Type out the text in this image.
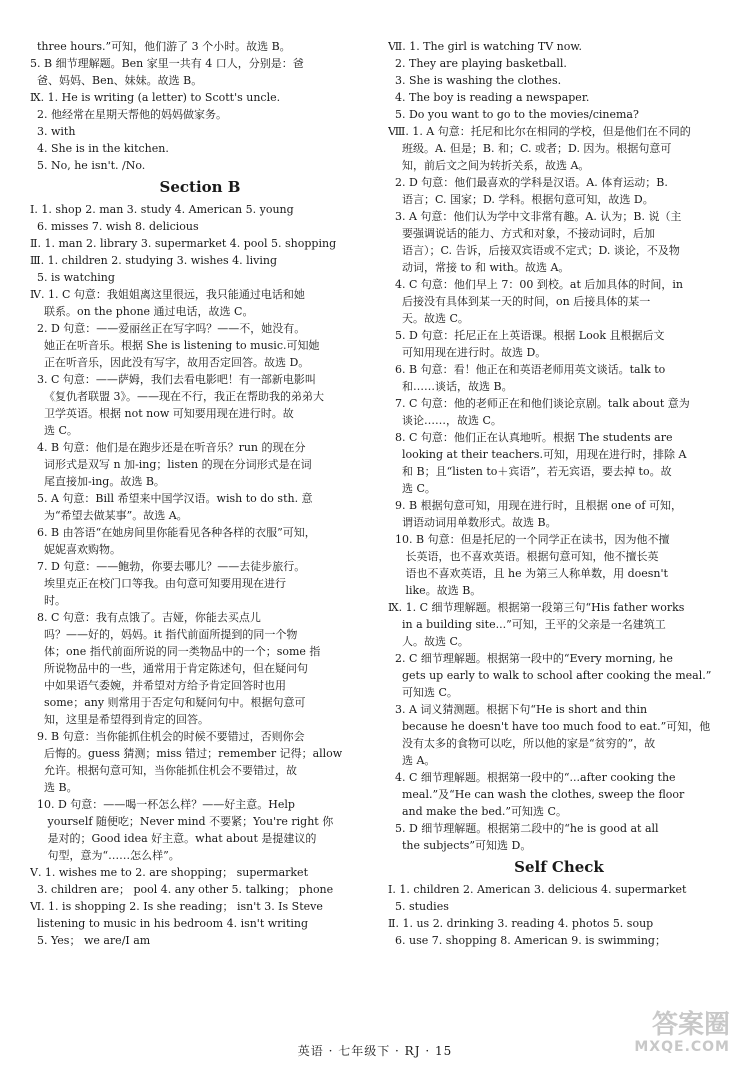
three hours.”可知，他们游了 3 个小时。故选 B。
5. B 细节理解题。Ben 家里一共有 4 口人，分别是：爸
爸、妈妈、Ben、妹妹。故选 B。
Ⅸ. 1. He is writing (a letter) to Scott's uncle.
2. 他经常在星期天帮他的妈妈做家务。
3. with
4. She is in the kitchen.
5. No, he isn't. /No.
Section B
Ⅰ. 1. shop 2. man 3. study 4. American 5. young
6. misses 7. wish 8. delicious
Ⅱ. 1. man 2. library 3. supermarket 4. pool 5. shopping
Ⅲ. 1. children 2. studying 3. wishes 4. living
5. is watching
Ⅳ. 1. C 句意：我姐姐离这里很远，我只能通过电话和她
联系。on the phone 通过电话，故选 C。
2. D 句意：——爱丽丝正在写字吗？——不，她没有。
她正在听音乐。根据 She is listening to music.可知她
正在听音乐，因此没有写字，故用否定回答。故选 D。
3. C 句意：——萨姆，我们去看电影吧！有一部新电影叫
《复仇者联盟 3》。——现在不行，我正在帮助我的弟弟大
卫学英语。根据 not now 可知要用现在进行时。故
选 C。
4. B 句意：他们是在跑步还是在听音乐？run 的现在分
词形式是双写 n 加-ing；listen 的现在分词形式是在词
尾直接加-ing。故选 B。
5. A 句意：Bill 希望来中国学汉语。wish to do sth. 意
为“希望去做某事”。故选 A。
6. B 由答语“在她房间里你能看见各种各样的衣服”可知，
妮妮喜欢购物。
7. D 句意：——鲍勃，你要去哪儿？——去徒步旅行。
埃里克正在校门口等我。由句意可知要用现在进行
时。
8. C 句意：我有点饿了。吉娅，你能去买点儿
吗？——好的，妈妈。it 指代前面所提到的同一个物
体；one 指代前面所说的同一类物品中的一个；some 指
所说物品中的一些，通常用于肯定陈述句，但在疑问句
中如果语气委婉，并希望对方给予肯定回答时也用
some；any 则常用于否定句和疑问句中。根据句意可
知，这里是希望得到肯定的回答。
9. B 句意：当你能抓住机会的时候不要错过，否则你会
后悔的。guess 猜测；miss 错过；remember 记得；allow
允许。根据句意可知，当你能抓住机会不要错过，故
选 B。
10. D 句意：——喝一杯怎么样？——好主意。Help
yourself 随便吃；Never mind 不要紧；You're right 你
是对的；Good idea 好主意。what about 是提建议的
句型，意为“……怎么样”。
Ⅴ. 1. wishes me to 2. are shopping； supermarket
3. children are； pool 4. any other 5. talking； phone
Ⅵ. 1. is shopping 2. Is she reading； isn't 3. Is Steve
listening to music in his bedroom 4. isn't writing
5. Yes； we are/I am
Ⅶ. 1. The girl is watching TV now.
2. They are playing basketball.
3. She is washing the clothes.
4. The boy is reading a newspaper.
5. Do you want to go to the movies/cinema?
Ⅷ. 1. A 句意：托尼和比尔在相同的学校，但是他们在不同的
班级。A. 但是；B. 和；C. 或者；D. 因为。根据句意可
知，前后文之间为转折关系，故选 A。
2. D 句意：他们最喜欢的学科是汉语。A. 体育运动；B.
语言；C. 国家；D. 学科。根据句意可知，故选 D。
3. A 句意：他们认为学中文非常有趣。A. 认为；B. 说（主
要强调说话的能力、方式和对象，不接动词时，后加
语言）；C. 告诉，后接双宾语或不定式；D. 谈论，不及物
动词，常接 to 和 with。故选 A。
4. C 句意：他们早上 7：00 到校。at 后加具体的时间，in
后接没有具体到某一天的时间，on 后接具体的某一
天。故选 C。
5. D 句意：托尼正在上英语课。根据 Look 且根据后文
可知用现在进行时。故选 D。
6. B 句意：看！他正在和英语老师用英文谈话。talk to
和……谈话，故选 B。
7. C 句意：他的老师正在和他们谈论京剧。talk about 意为
谈论……，故选 C。
8. C 句意：他们正在认真地听。根据 The students are
looking at their teachers.可知，用现在进行时，排除 A
和 B；且“listen to＋宾语”，若无宾语，要去掉 to。故
选 C。
9. B 根据句意可知，用现在进行时，且根据 one of 可知，
谓语动词用单数形式。故选 B。
10. B 句意：但是托尼的一个同学正在读书，因为他不擅
长英语，也不喜欢英语。根据句意可知，他不擅长英
语也不喜欢英语，且 he 为第三人称单数，用 doesn't
like。故选 B。
Ⅸ. 1. C 细节理解题。根据第一段第三句“His father works
in a building site...”可知，王平的父亲是一名建筑工
人。故选 C。
2. C 细节理解题。根据第一段中的“Every morning, he
gets up early to walk to school after cooking the meal.”
可知选 C。
3. A 词义猜测题。根据下句“He is short and thin
because he doesn't have too much food to eat.”可知，他
没有太多的食物可以吃，所以他的家是“贫穷的”，故
选 A。
4. C 细节理解题。根据第一段中的“...after cooking the
meal.”及“He can wash the clothes, sweep the floor
and make the bed.”可知选 C。
5. D 细节理解题。根据第二段中的“he is good at all
the subjects”可知选 D。
Self Check
Ⅰ. 1. children 2. American 3. delicious 4. supermarket
5. studies
Ⅱ. 1. us 2. drinking 3. reading 4. photos 5. soup
6. use 7. shopping 8. American 9. is swimming；
英语 · 七年级下 · RJ · 15
答案圈
MXQE.COM
